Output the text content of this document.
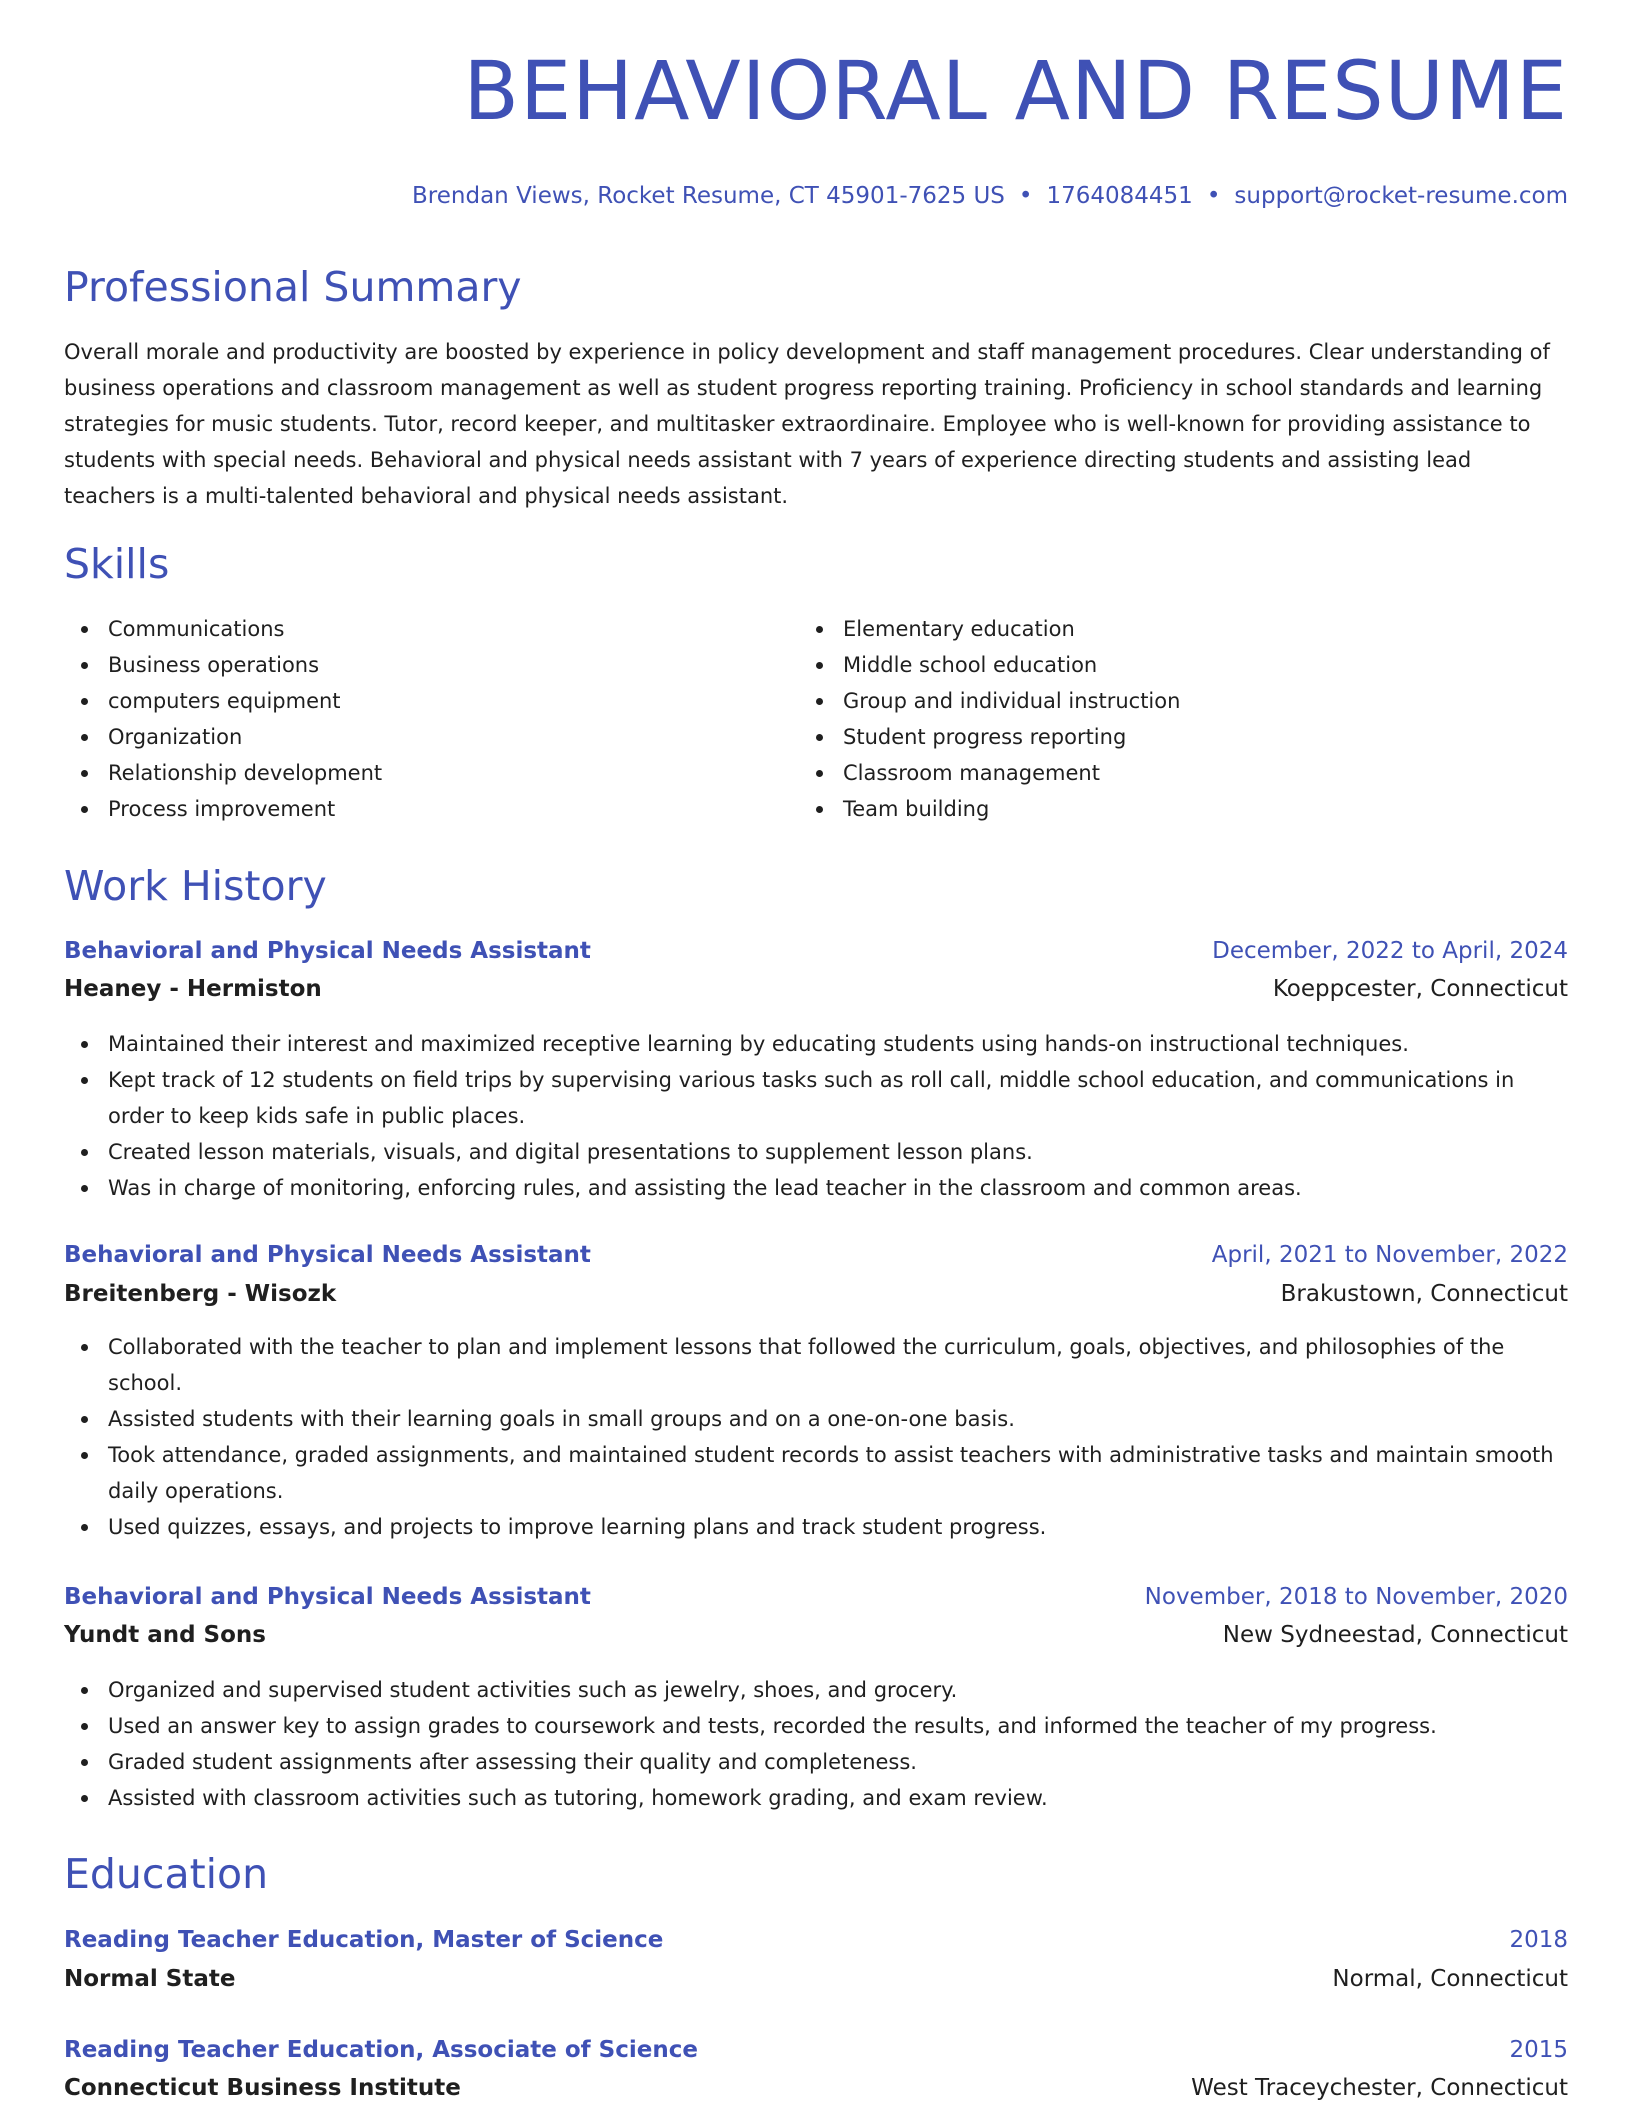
BEHAVIORAL AND RESUME
Brendan Views, Rocket Resume, CT 45901-7625 US • 1764084451 • support@rocket-resume.com
Professional Summary

Overall morale and productivity are boosted by experience in policy development and staff management procedures. Clear understanding of business operations and classroom management as well as student progress reporting training. Proficiency in school standards and learning strategies for music students. Tutor, record keeper, and multitasker extraordinaire. Employee who is well-known for providing assistance to students with special needs. Behavioral and physical needs assistant with 7 years of experience directing students and assisting lead teachers is a multi-talented behavioral and physical needs assistant.

Skills
Communications
Business operations
computers equipment
Organization
Relationship development
Process improvement
Elementary education
Middle school education
Group and individual instruction
Student progress reporting
Classroom management
Team building
Work History
Behavioral and Physical Needs Assistant	December, 2022 to April, 2024
Heaney - Hermiston	Koeppcester, Connecticut
Maintained their interest and maximized receptive learning by educating students using hands-on instructional techniques.
Kept track of 12 students on field trips by supervising various tasks such as roll call, middle school education, and communications in order to keep kids safe in public places.
Created lesson materials, visuals, and digital presentations to supplement lesson plans.
Was in charge of monitoring, enforcing rules, and assisting the lead teacher in the classroom and common areas.
Behavioral and Physical Needs Assistant	April, 2021 to November, 2022
Breitenberg - Wisozk	Brakustown, Connecticut
Collaborated with the teacher to plan and implement lessons that followed the curriculum, goals, objectives, and philosophies of the school.
Assisted students with their learning goals in small groups and on a one-on-one basis.
Took attendance, graded assignments, and maintained student records to assist teachers with administrative tasks and maintain smooth daily operations.
Used quizzes, essays, and projects to improve learning plans and track student progress.
Behavioral and Physical Needs Assistant	November, 2018 to November, 2020
Yundt and Sons	New Sydneestad, Connecticut
Organized and supervised student activities such as jewelry, shoes, and grocery.
Used an answer key to assign grades to coursework and tests, recorded the results, and informed the teacher of my progress.
Graded student assignments after assessing their quality and completeness.
Assisted with classroom activities such as tutoring, homework grading, and exam review.
Education
Reading Teacher Education, Master of Science	2018
Normal State	Normal, Connecticut
Reading Teacher Education, Associate of Science	2015
Connecticut Business Institute	West Traceychester, Connecticut
